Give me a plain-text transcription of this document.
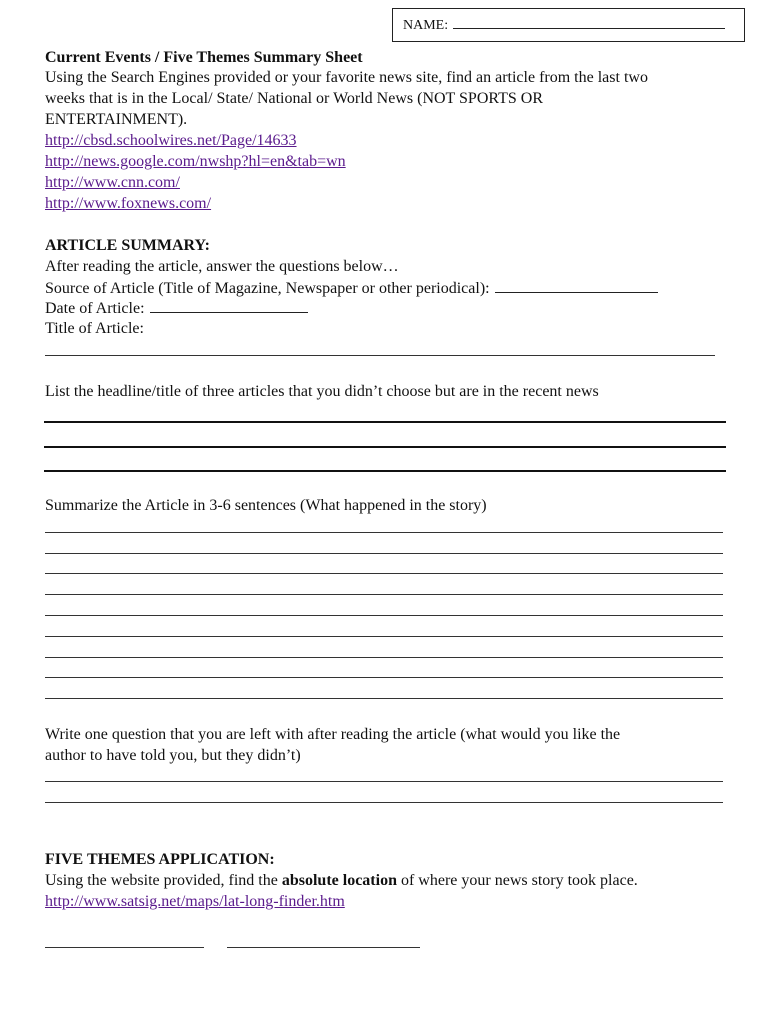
NAME:
Current Events / Five Themes Summary Sheet
Using the Search Engines provided or your favorite news site, find an article from the last two
weeks that is in the Local/ State/ National or World News (NOT SPORTS OR
ENTERTAINMENT).
http://cbsd.schoolwires.net/Page/14633
http://news.google.com/nwshp?hl=en&tab=wn
http://www.cnn.com/
http://www.foxnews.com/
ARTICLE SUMMARY:
After reading the article, answer the questions below…
Source of Article (Title of Magazine, Newspaper or other periodical):
Date of Article:
Title of Article:
List the headline/title of three articles that you didn’t choose but are in the recent news
Summarize the Article in 3-6 sentences (What happened in the story)
Write one question that you are left with after reading the article (what would you like the
author to have told you, but they didn’t)
FIVE THEMES APPLICATION:
Using the website provided, find the absolute location of where your news story took place.
http://www.satsig.net/maps/lat-long-finder.htm
